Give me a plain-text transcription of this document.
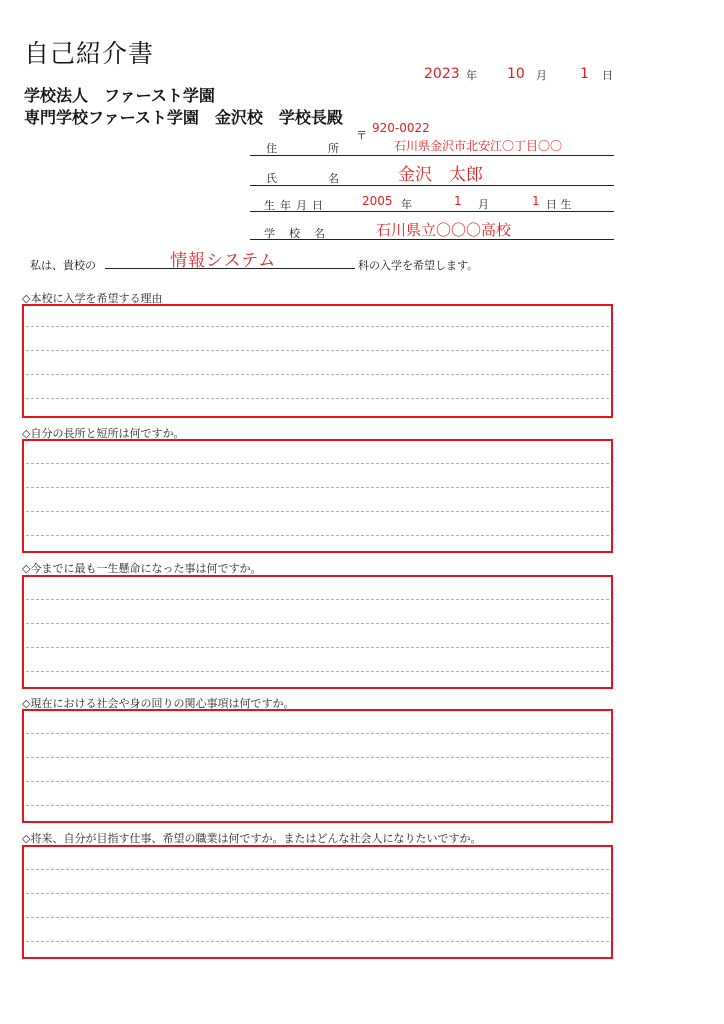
自己紹介書
学校法人　ファースト学園
専門学校ファースト学園　金沢校　学校長殿
2023 年 10 月 1 日
〒
920-0022
住	所	石川県金沢市北安江〇丁目〇〇
氏	名	金沢　太郎
生年月日	2005 年	1 月	1 日 生
学校名 石川県立〇〇〇高校
私は、貴校の	情報システム	科の入学を希望します。
◇本校に入学を希望する理由
◇自分の長所と短所は何ですか。
◇今までに最も一生懸命になった事は何ですか。
◇現在における社会や身の回りの関心事項は何ですか。
◇将来、自分が目指す仕事、希望の職業は何ですか。またはどんな社会人になりたいですか。
